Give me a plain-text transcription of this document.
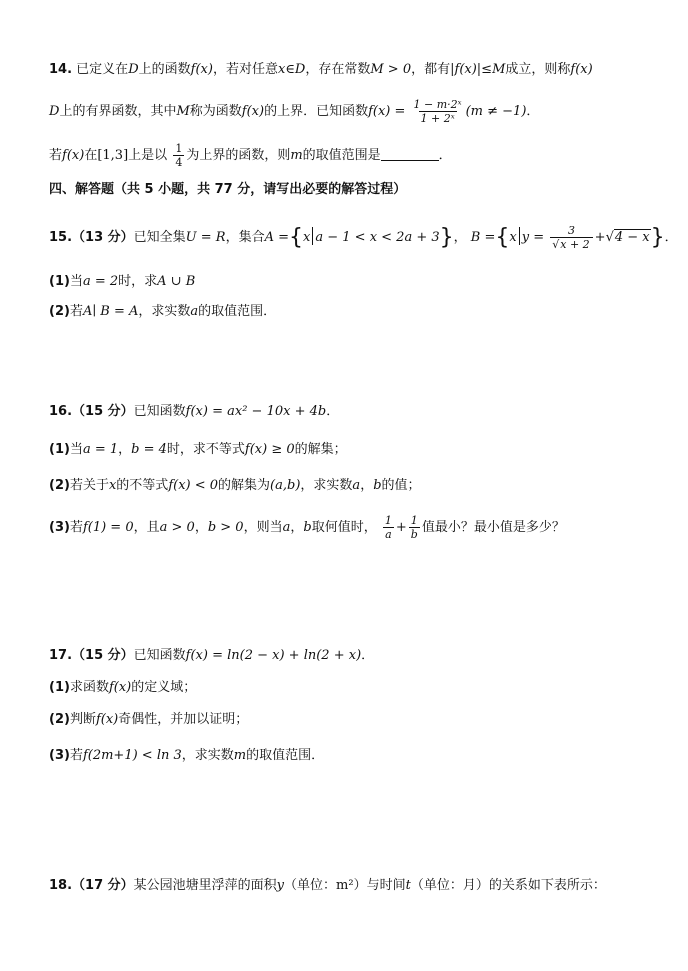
14. 已定义在D上的函数f(x)，若对任意x∈D，存在常数M > 0，都有|f(x)|≤M成立，则称f(x)
D上的有界函数，其中M称为函数f(x)的上界．已知函数$f(x) = \frac{\text{1 − m·2ˣ}}{\text{1 + 2ˣ}} (m \ne -1)$．
若f(x)在[1,3]上是以 $\frac{1}{4}$ 为上界的函数，则m的取值范围是	．
四、解答题（共 5 小题，共 77 分，请写出必要的解答过程）
15.（13 分）已知全集U = R，集合A ={x a − 1 < x < 2a + 3}， B ={x $y = \frac{3}{√x + 2} +√4 - x$}．
(1)当a = 2时，求A ∪ B
(2)若A∣ B = A，求实数a的取值范围．
16.（15 分）已知函数f(x) = ax² − 10x + 4b．
(1)当a = 1，b = 4时，求不等式f(x) ≥ 0的解集；
(2)若关于x的不等式f(x) < 0的解集为(a,b)，求实数a，b的值；
(3)若f(1) = 0，且a > 0，b > 0，则当a，b取何值时， $\frac{1}{a} + \frac{1}{b}$ 值最小？最小值是多少？
17.（15 分）已知函数f(x) = ln(2 − x) + ln(2 + x)．
(1)求函数f(x)的定义域；
(2)判断f(x)奇偶性，并加以证明；
(3)若f(2m+1) < ln 3，求实数m的取值范围．
18.（17 分）某公园池塘里浮萍的面积y（单位：m²）与时间t（单位：月）的关系如下表所示：
